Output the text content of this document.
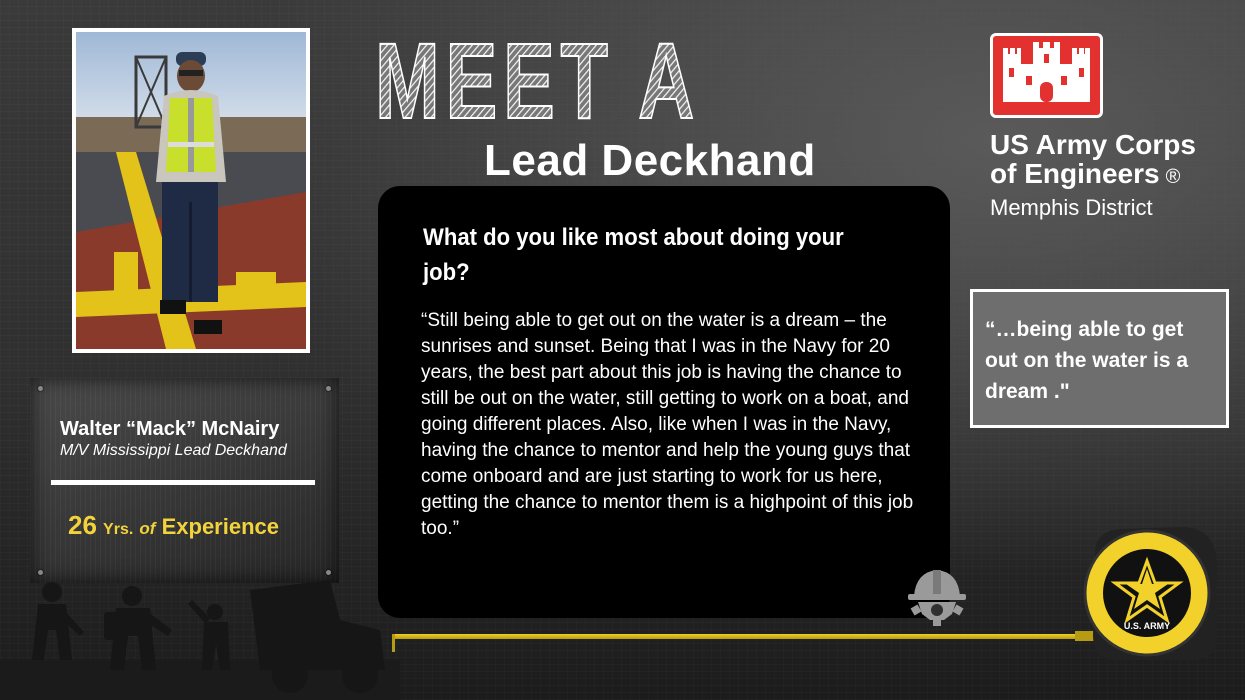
MEET A
Lead Deckhand	US Army Corps
of Engineers ®
Memphis District
What do you like most about doing your job?
“Still being able to get out on the water is a dream – the sunrises and sunset. Being that I was in the Navy for 20 years, the best part about this job is having the chance to still be out on the water, still getting to work on a boat, and going different places. Also, like when I was in the Navy, having the chance to mentor and help the young guys that come onboard and are just starting to work for us here, getting the chance to mentor them is a highpoint of this job too.”
“…being able to get out on the water is a dream ."
Walter “Mack” McNairy
M/V Mississippi Lead Deckhand
26 Yrs. of Experience
U.S. ARMY
